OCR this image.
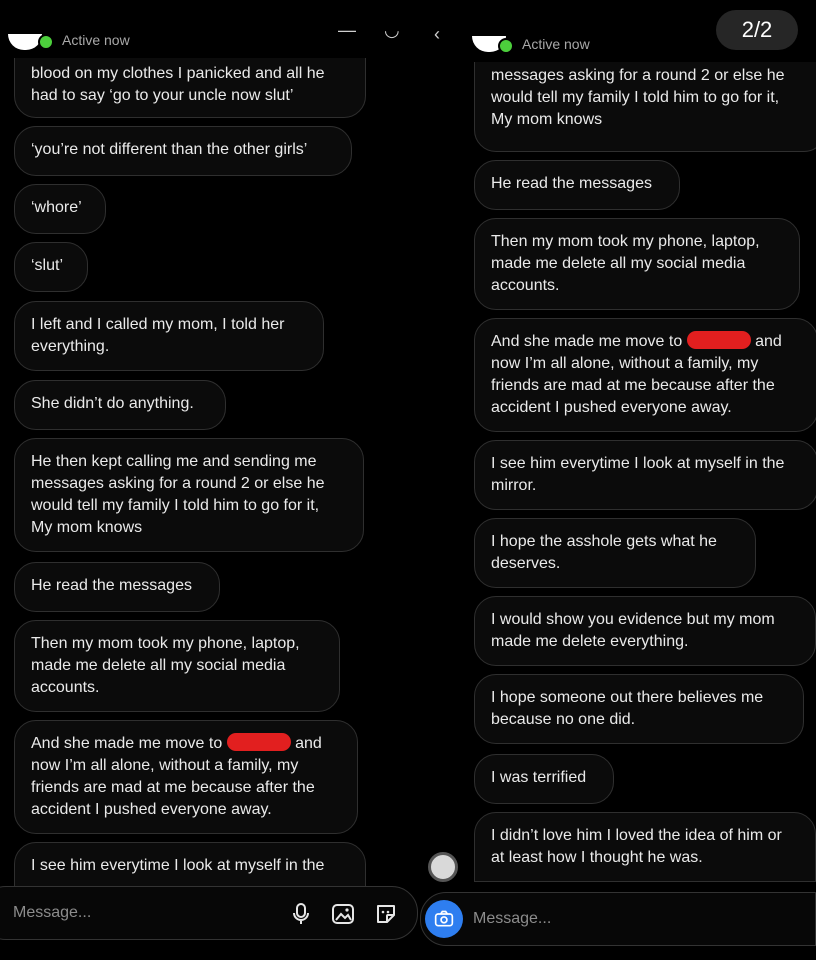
Active now	— ◡
blood on my clothes I panicked and all he
had to say ‘go to your uncle now slut’
‘you’re not different than the other girls’
‘whore’
‘slut’
I left and I called my mom, I told her
everything.
She didn’t do anything.
He then kept calling me and sending me
messages asking for a round 2 or else he
would tell my family I told him to go for it,
My mom knows
He read the messages
Then my mom took my phone, laptop,
made me delete all my social media
accounts.
And she made me move to	and
now I’m all alone, without a family, my
friends are mad at me because after the
accident I pushed everyone away.
I see him everytime I look at myself in the
Message...
Active now
‹	2/2
messages asking for a round 2 or else he
would tell my family I told him to go for it,
My mom knows
He read the messages
Then my mom took my phone, laptop,
made me delete all my social media
accounts.
And she made me move to	and
now I’m all alone, without a family, my
friends are mad at me because after the
accident I pushed everyone away.
I see him everytime I look at myself in the
mirror.
I hope the asshole gets what he
deserves.
I would show you evidence but my mom
made me delete everything.
I hope someone out there believes me
because no one did.
I was terrified
I didn’t love him I loved the idea of him or
at least how I thought he was.
Message...
